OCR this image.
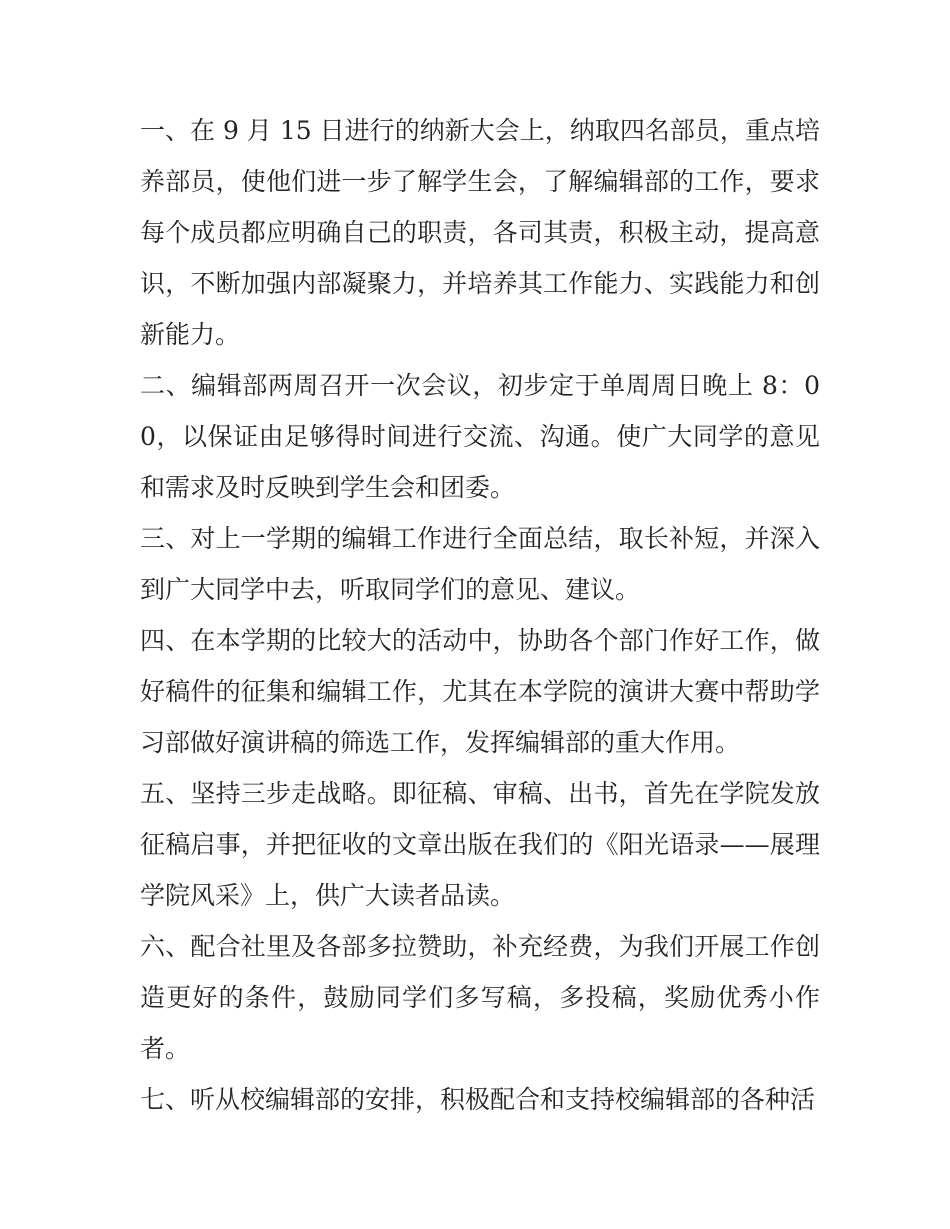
一、在 9 月 15 日进行的纳新大会上，纳取四名部员，重点培养部员，使他们进一步了解学生会，了解编辑部的工作，要求每个成员都应明确自己的职责，各司其责，积极主动，提高意识，不断加强内部凝聚力，并培养其工作能力、实践能力和创新能力。

二、编辑部两周召开一次会议，初步定于单周周日晚上 8：00，以保证由足够得时间进行交流、沟通。使广大同学的意见和需求及时反映到学生会和团委。

三、对上一学期的编辑工作进行全面总结，取长补短，并深入到广大同学中去，听取同学们的意见、建议。

四、在本学期的比较大的活动中，协助各个部门作好工作，做好稿件的征集和编辑工作，尤其在本学院的演讲大赛中帮助学习部做好演讲稿的筛选工作，发挥编辑部的重大作用。

五、坚持三步走战略。即征稿、审稿、出书，首先在学院发放征稿启事，并把征收的文章出版在我们的《阳光语录——展理学院风采》上，供广大读者品读。

六、配合社里及各部多拉赞助，补充经费，为我们开展工作创造更好的条件，鼓励同学们多写稿，多投稿，奖励优秀小作者。

七、听从校编辑部的安排，积极配合和支持校编辑部的各种活
